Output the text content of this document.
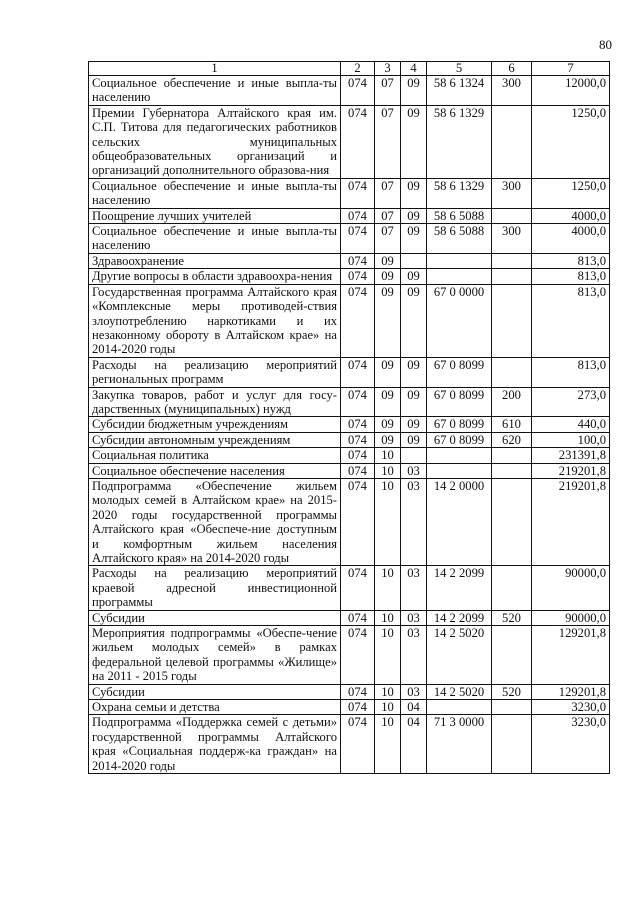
80
1	2	3	4	5	6	7
Социальное обеспечение и иные выпла-ты населению	074	07	09	58 6 1324	300	12000,0
Премии Губернатора Алтайского края им. С.П. Титова для педагогических работников сельских муниципальных общеобразовательных организаций и организаций дополнительного образова-ния	074	07	09	58 6 1329		1250,0
Социальное обеспечение и иные выпла-ты населению	074	07	09	58 6 1329	300	1250,0
Поощрение лучших учителей	074	07	09	58 6 5088		4000,0
Социальное обеспечение и иные выпла-ты населению	074	07	09	58 6 5088	300	4000,0
Здравоохранение	074	09				813,0
Другие вопросы в области здравоохра-нения	074	09	09			813,0
Государственная программа Алтайского края «Комплексные меры противодей-ствия злоупотреблению наркотиками и их незаконному обороту в Алтайском крае» на 2014-2020 годы	074	09	09	67 0 0000		813,0
Расходы на реализацию мероприятий региональных программ	074	09	09	67 0 8099		813,0
Закупка товаров, работ и услуг для госу-дарственных (муниципальных) нужд	074	09	09	67 0 8099	200	273,0
Субсидии бюджетным учреждениям	074	09	09	67 0 8099	610	440,0
Субсидии автономным учреждениям	074	09	09	67 0 8099	620	100,0
Социальная политика	074	10				231391,8
Социальное обеспечение населения	074	10	03			219201,8
Подпрограмма «Обеспечение жильем молодых семей в Алтайском крае» на 2015-2020 годы государственной программы Алтайского края «Обеспече-ние доступным и комфортным жильем населения Алтайского края» на 2014-2020 годы	074	10	03	14 2 0000		219201,8
Расходы на реализацию мероприятий краевой адресной инвестиционной программы	074	10	03	14 2 2099		90000,0
Субсидии	074	10	03	14 2 2099	520	90000,0
Мероприятия подпрограммы «Обеспе-чение жильем молодых семей» в рамках федеральной целевой программы «Жилище» на 2011 - 2015 годы	074	10	03	14 2 5020		129201,8
Субсидии	074	10	03	14 2 5020	520	129201,8
Охрана семьи и детства	074	10	04			3230,0
Подпрограмма «Поддержка семей с детьми» государственной программы Алтайского края «Социальная поддерж-ка граждан» на 2014-2020 годы	074	10	04	71 3 0000		3230,0
